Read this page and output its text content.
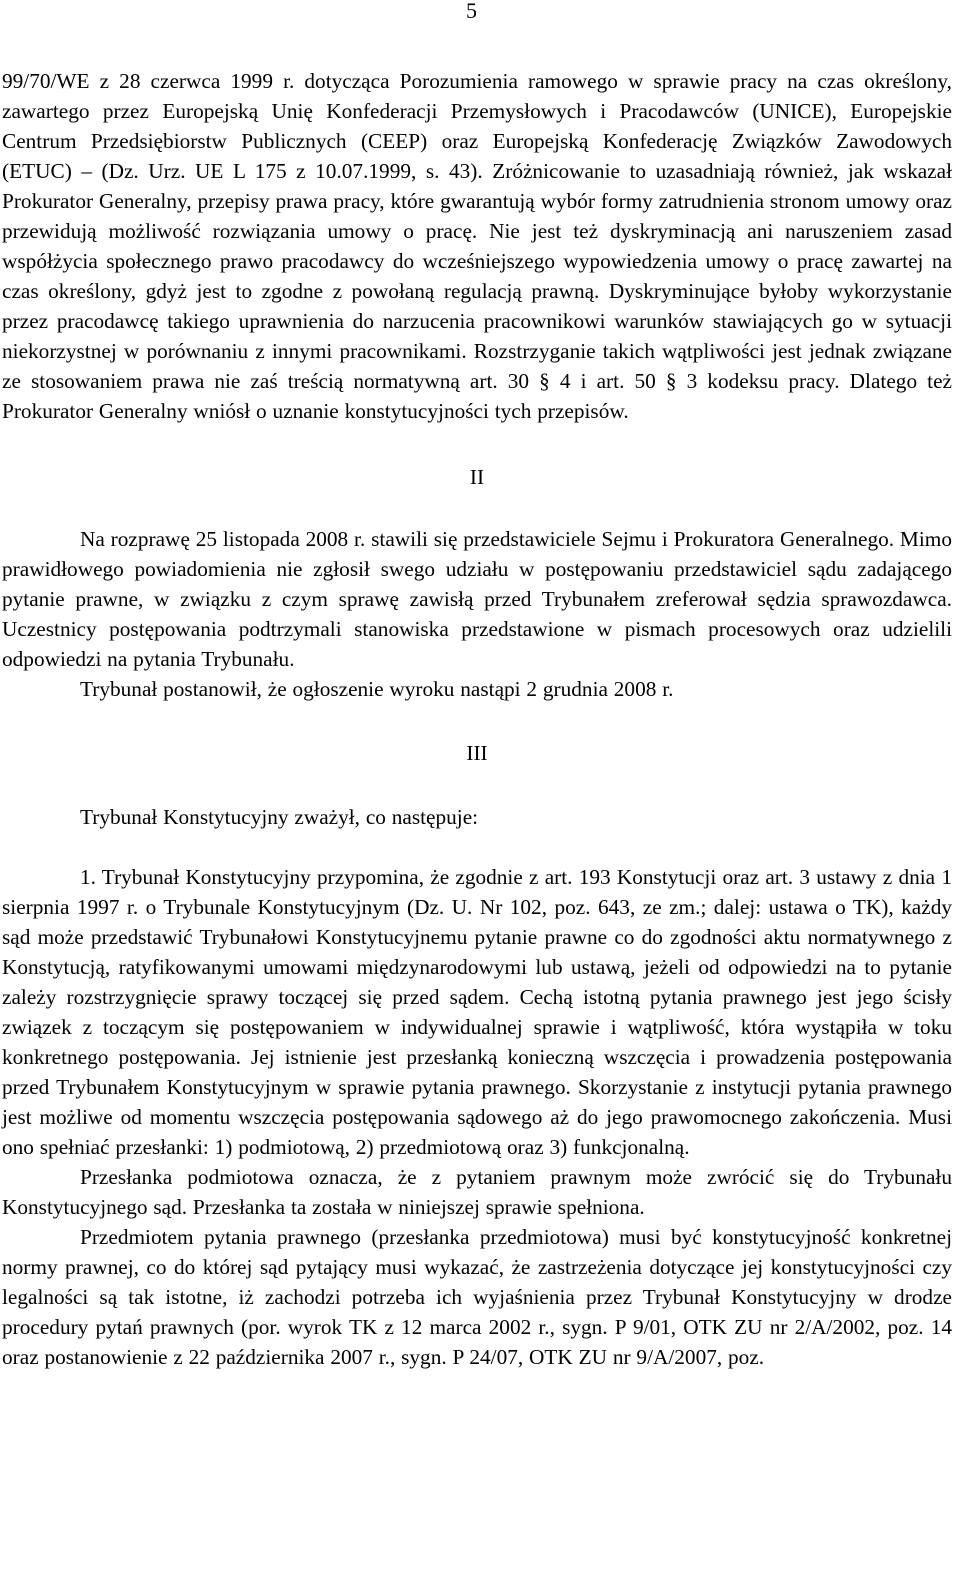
5

99/70/WE z 28 czerwca 1999 r. dotycząca Porozumienia ramowego w sprawie pracy na czas określony, zawartego przez Europejską Unię Konfederacji Przemysłowych i Pracodawców (UNICE), Europejskie Centrum Przedsiębiorstw Publicznych (CEEP) oraz Europejską Konfederację Związków Zawodowych (ETUC) – (Dz. Urz. UE L 175 z 10.07.1999, s. 43). Zróżnicowanie to uzasadniają również, jak wskazał Prokurator Generalny, przepisy prawa pracy, które gwarantują wybór formy zatrudnienia stronom umowy oraz przewidują możliwość rozwiązania umowy o pracę. Nie jest też dyskryminacją ani naruszeniem zasad współżycia społecznego prawo pracodawcy do wcześniejszego wypowiedzenia umowy o pracę zawartej na czas określony, gdyż jest to zgodne z powołaną regulacją prawną. Dyskryminujące byłoby wykorzystanie przez pracodawcę takiego uprawnienia do narzucenia pracownikowi warunków stawiających go w sytuacji niekorzystnej w porównaniu z innymi pracownikami. Rozstrzyganie takich wątpliwości jest jednak związane ze stosowaniem prawa nie zaś treścią normatywną art. 30 § 4 i art. 50 § 3 kodeksu pracy. Dlatego też Prokurator Generalny wniósł o uznanie konstytucyjności tych przepisów.

II

Na rozprawę 25 listopada 2008 r. stawili się przedstawiciele Sejmu i Prokuratora Generalnego. Mimo prawidłowego powiadomienia nie zgłosił swego udziału w postępowaniu przedstawiciel sądu zadającego pytanie prawne, w związku z czym sprawę zawisłą przed Trybunałem zreferował sędzia sprawozdawca. Uczestnicy postępowania podtrzymali stanowiska przedstawione w pismach procesowych oraz udzielili odpowiedzi na pytania Trybunału.

Trybunał postanowił, że ogłoszenie wyroku nastąpi 2 grudnia 2008 r.

III

Trybunał Konstytucyjny zważył, co następuje:

1. Trybunał Konstytucyjny przypomina, że zgodnie z art. 193 Konstytucji oraz art. 3 ustawy z dnia 1 sierpnia 1997 r. o Trybunale Konstytucyjnym (Dz. U. Nr 102, poz. 643, ze zm.; dalej: ustawa o TK), każdy sąd może przedstawić Trybunałowi Konstytucyjnemu pytanie prawne co do zgodności aktu normatywnego z Konstytucją, ratyfikowanymi umowami międzynarodowymi lub ustawą, jeżeli od odpowiedzi na to pytanie zależy rozstrzygnięcie sprawy toczącej się przed sądem. Cechą istotną pytania prawnego jest jego ścisły związek z toczącym się postępowaniem w indywidualnej sprawie i wątpliwość, która wystąpiła w toku konkretnego postępowania. Jej istnienie jest przesłanką konieczną wszczęcia i prowadzenia postępowania przed Trybunałem Konstytucyjnym w sprawie pytania prawnego. Skorzystanie z instytucji pytania prawnego jest możliwe od momentu wszczęcia postępowania sądowego aż do jego prawomocnego zakończenia. Musi ono spełniać przesłanki: 1) podmiotową, 2) przedmiotową oraz 3) funkcjonalną.

Przesłanka podmiotowa oznacza, że z pytaniem prawnym może zwrócić się do Trybunału Konstytucyjnego sąd. Przesłanka ta została w niniejszej sprawie spełniona.

Przedmiotem pytania prawnego (przesłanka przedmiotowa) musi być konstytucyjność konkretnej normy prawnej, co do której sąd pytający musi wykazać, że zastrzeżenia dotyczące jej konstytucyjności czy legalności są tak istotne, iż zachodzi potrzeba ich wyjaśnienia przez Trybunał Konstytucyjny w drodze procedury pytań prawnych (por. wyrok TK z 12 marca 2002 r., sygn. P 9/01, OTK ZU nr 2/A/2002, poz. 14 oraz postanowienie z 22 października 2007 r., sygn. P 24/07, OTK ZU nr 9/A/2007, poz.
